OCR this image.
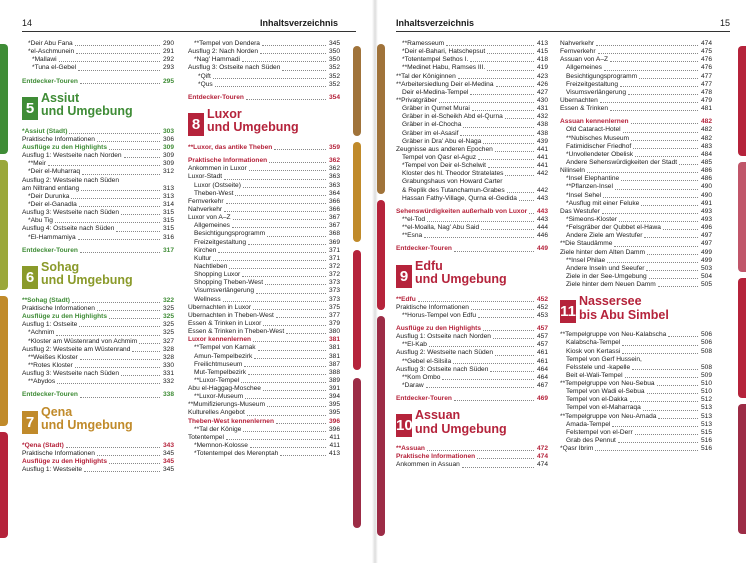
14	Inhaltsverzeichnis
*Deir Abu Fana	290
*el-Aschmunein	291
*Mallawi	292
*Tuna el-Gebel	293
Entdecker-Touren	295
5
Assiut
und Umgebung
*Assiut (Stadt)	303
Praktische Informationen	306
Ausflüge zu den Highlights	309
Ausflug 1: Westseite nach Norden	309
**Meir	309
*Deir el-Muharraq	312
Ausflug 2: Westseite nach Süden
am Niltrand entlang	313
*Deir Durunka	313
*Deir el-Ganadla	314
Ausflug 3: Westseite nach Süden	315
*Abu Tig	315
Ausflug 4: Ostseite nach Süden	315
*El-Hammamiya	316
Entdecker-Touren	317
6
Sohag
und Umgebung
**Sohag (Stadt)	322
Praktische Informationen	325
Ausflüge zu den Highlights	325
Ausflug 1: Ostseite	325
*Achmim	325
*Kloster am Wüstenrand von Achmim	327
Ausflug 2: Westseite am Wüstenrand	328
**Weißes Kloster	328
**Rotes Kloster	330
Ausflug 3: Westseite nach Süden	331
**Abydos	332
Entdecker-Touren	338
7
Qena
und Umgebung
*Qena (Stadt)	343
Praktische Informationen	345
Ausflüge zu den Highlights	345
Ausflug 1: Westseite	345
**Tempel von Dendera	345
Ausflug 2: Nach Norden	350
*Nag' Hammadi	350
Ausflug 3: Ostseite nach Süden	352
*Qift	352
*Qus	352
Entdecker-Touren	354
8
Luxor
und Umgebung
**Luxor, das antike Theben	359
Praktische Informationen	362
Ankommen in Luxor	362
Luxor-Stadt	363
Luxor (Ostseite)	363
Theben-West	364
Fernverkehr	366
Nahverkehr	366
Luxor von A–Z	367
Allgemeines	367
Besichtigungsprogramm	368
Freizeitgestaltung	369
Kirchen	371
Kultur	371
Nachtleben	372
Shopping Luxor	372
Shopping Theben-West	373
Visumsverlängerung	373
Wellness	373
Übernachten in Luxor	375
Übernachten in Theben-West	377
Essen & Trinken in Luxor	379
Essen & Trinken in Theben-West	380
Luxor kennenlernen	381
**Tempel von Karnak	381
Amun-Tempelbezirk	381
Freilichtmuseum	387
Mut-Tempelbezirk	388
**Luxor-Tempel	389
Abu el-Haggag-Moschee	391
**Luxor-Museum	394
**Mumifizierungs-Museum	395
Kulturelles Angebot	395
Theben-West kennenlernen	396
**Tal der Könige	396
Totentempel	411
*Memnon-Kolosse	411
*Totentempel des Merenptah	413
Inhaltsverzeichnis	15
**Ramesseum	413
*Deir el-Bahari, Hatschepsut	415
*Totentempel Sethos I.	418
**Medinet Habu, Ramses III.	419
**Tal der Königinnen	423
**Arbeitersiedlung Deir el-Medina	426
Deir el-Medina-Tempel	427
**Privatgräber	430
Gräber in Qurnet Murai	431
Gräber in el-Scheikh Abd el-Qurna	432
Gräber in el-Chocha	438
Gräber im el-Asasif	438
Gräber in Dra' Abu el-Naga	439
Zeugnisse aus anderen Epochen	441
Tempel von Qasr el-Aguz	441
*Tempel von Deir el-Schelwit	441
Kloster des hl. Theodor Stratelates	442
Grabungshaus von Howard Carter
& Replik des Tutanchamun-Grabes	442
Hassan Fathy-Village, Qurna el-Gedida	443
Sehenswürdigkeiten außerhalb von Luxor 443
**el-Tod	443
**el-Moalla, Nag' Abu Said	444
**Esna	446
Entdecker-Touren	449
9
Edfu
und Umgebung
**Edfu	452
Praktische Informationen	452
**Horus-Tempel von Edfu	453
Ausflüge zu den Highlights	457
Ausflug 1: Ostseite nach Norden	457
**El-Kab	457
Ausflug 2: Westseite nach Süden	461
**Gebel el-Silsila	461
Ausflug 3: Ostseite nach Süden	464
**Kom Ombo	464
*Daraw	467
Entdecker-Touren	469
10
Assuan
und Umgebung
**Assuan	472
Praktische Informationen	474
Ankommen in Assuan	474
Nahverkehr	474
Fernverkehr	475
Assuan von A–Z	476
Allgemeines	476
Besichtigungsprogramm	477
Freizeitgestaltung	477
Visumsverlängerung	478
Übernachten	479
Essen & Trinken	481
Assuan kennenlernen	482
Old Cataract-Hotel	482
**Nubisches Museum	482
Fatimidischer Friedhof	483
*Unvollendeter Obelisk	484
Andere Sehenswürdigkeiten der Stadt	485
Nilinseln	486
*Insel Elephantine	486
**Pflanzen-Insel	490
*Insel Sehel	490
*Ausflug mit einer Feluke	491
Das Westufer	493
*Simeons-Kloster	493
*Felsgräber der Qubbet el-Hawa	496
Andere Ziele am Westufer	497
**Die Staudämme	497
Ziele hinter dem Alten Damm	499
**Insel Philae	499
Andere Inseln und Seeufer	503
Ziele in der See-Umgebung	504
Ziele hinter dem Neuen Damm	505
11
Nassersee
bis Abu Simbel
**Tempelgruppe von Neu-Kalabscha	506
Kalabscha-Tempel	506
Kiosk von Kertassi	508
Tempel von Gerf Hussein,
Felsstele und -kapelle	508
Beit el-Wali-Tempel	509
**Tempelgruppe von Neu-Sebua	510
Tempel von Wadi el-Sebua	510
Tempel von el-Dakka	512
Tempel von el-Maharraqa	513
**Tempelgruppe von Neu-Amada	513
Amada-Tempel	513
Felstempel von el-Derr	515
Grab des Pennut	516
*Qasr Ibrim	516
